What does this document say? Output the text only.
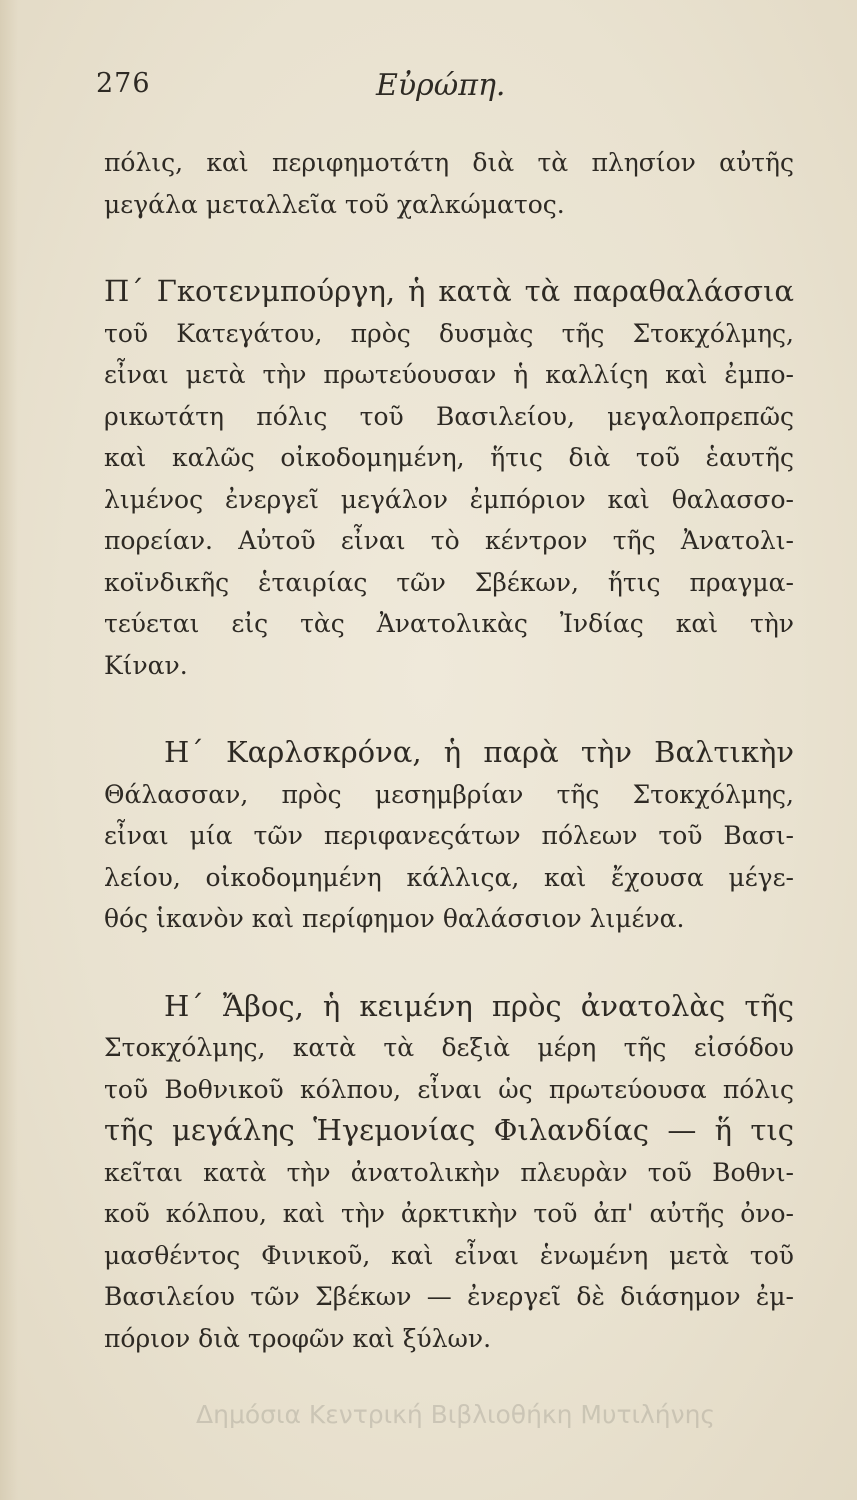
276	Εὐρώπη.
πόλις, καὶ περιφημοτάτη διὰ τὰ πλησίον αὐτῆς
μεγάλα μεταλλεῖα τοῦ χαλκώματος.
Π´ Γκοτενμπούργη, ἡ κατὰ τὰ παραθαλάσσια
τοῦ Κατεγάτου, πρὸς δυσμὰς τῆς Στοκχόλμης,
εἶναι μετὰ τὴν πρωτεύουσαν ἡ καλλίςη καὶ ἐμπο-
ρικωτάτη πόλις τοῦ Βασιλείου, μεγαλοπρεπῶς
καὶ καλῶς οἰκοδομημένη, ἥτις διὰ τοῦ ἑαυτῆς
λιμένος ἐνεργεῖ μεγάλον ἐμπόριον καὶ θαλασσο-
πορείαν. Αὐτοῦ εἶναι τὸ κέντρον τῆς Ἀνατολι-
κοϊνδικῆς ἑταιρίας τῶν Σβέκων, ἥτις πραγμα-
τεύεται εἰς τὰς Ἀνατολικὰς Ἰνδίας καὶ τὴν
Κίναν.
Η´ Καρλσκρόνα, ἡ παρὰ τὴν Βαλτικὴν
Θάλασσαν, πρὸς μεσημβρίαν τῆς Στοκχόλμης,
εἶναι μία τῶν περιφανεςάτων πόλεων τοῦ Βασι-
λείου, οἰκοδομημένη κάλλιςα, καὶ ἔχουσα μέγε-
θός ἱκανὸν καὶ περίφημον θαλάσσιον λιμένα.
Η´ Ἄβος, ἡ κειμένη πρὸς ἀνατολὰς τῆς
Στοκχόλμης, κατὰ τὰ δεξιὰ μέρη τῆς εἰσόδου
τοῦ Βοθνικοῦ κόλπου, εἶναι ὡς πρωτεύουσα πόλις
τῆς μεγάλης Ἡγεμονίας Φιλανδίας — ἥ τις
κεῖται κατὰ τὴν ἀνατολικὴν πλευρὰν τοῦ Βοθνι-
κοῦ κόλπου, καὶ τὴν ἀρκτικὴν τοῦ ἀπ' αὐτῆς ὀνο-
μασθέντος Φινικοῦ, καὶ εἶναι ἑνωμένη μετὰ τοῦ
Βασιλείου τῶν Σβέκων — ἐνεργεῖ δὲ διάσημον ἐμ-
πόριον διὰ τροφῶν καὶ ξύλων.
Δημόσια Κεντρική Βιβλιοθήκη Μυτιλήνης
